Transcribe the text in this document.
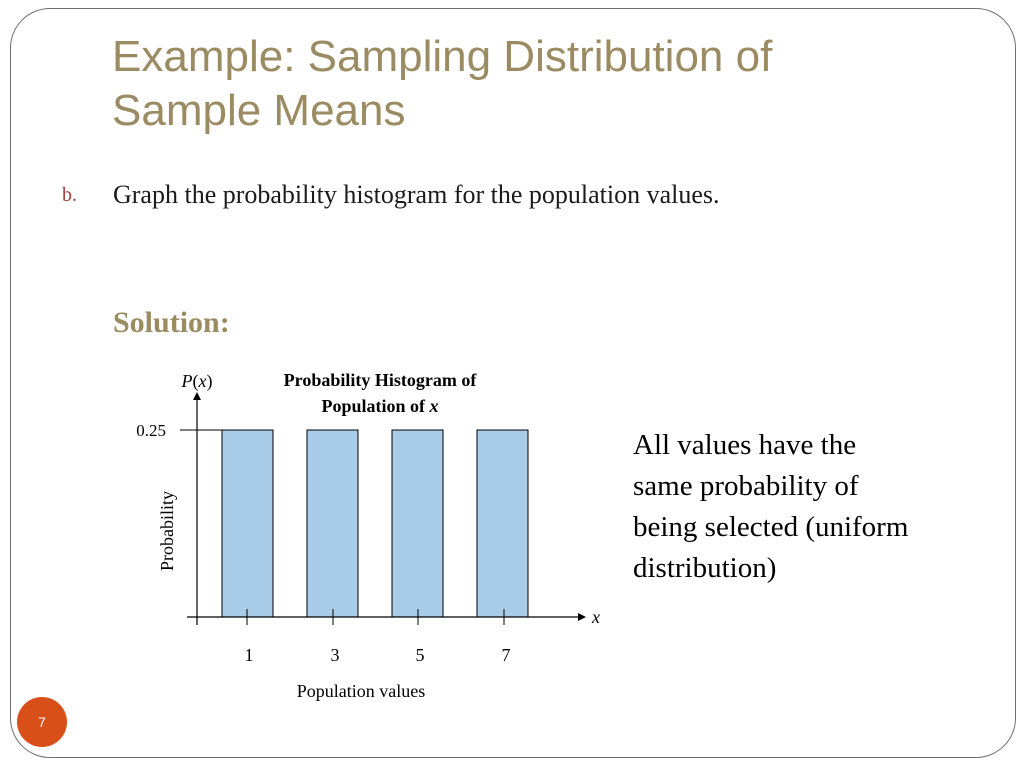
Example: Sampling Distribution of
Sample Means
b. Graph the probability histogram for the population values.
Solution:
0.25
1	3	5	7
x
P(x)
Probability
Population values
Probability Histogram of
Population of x
All values have the
same probability of
being selected (uniform
distribution)
7
